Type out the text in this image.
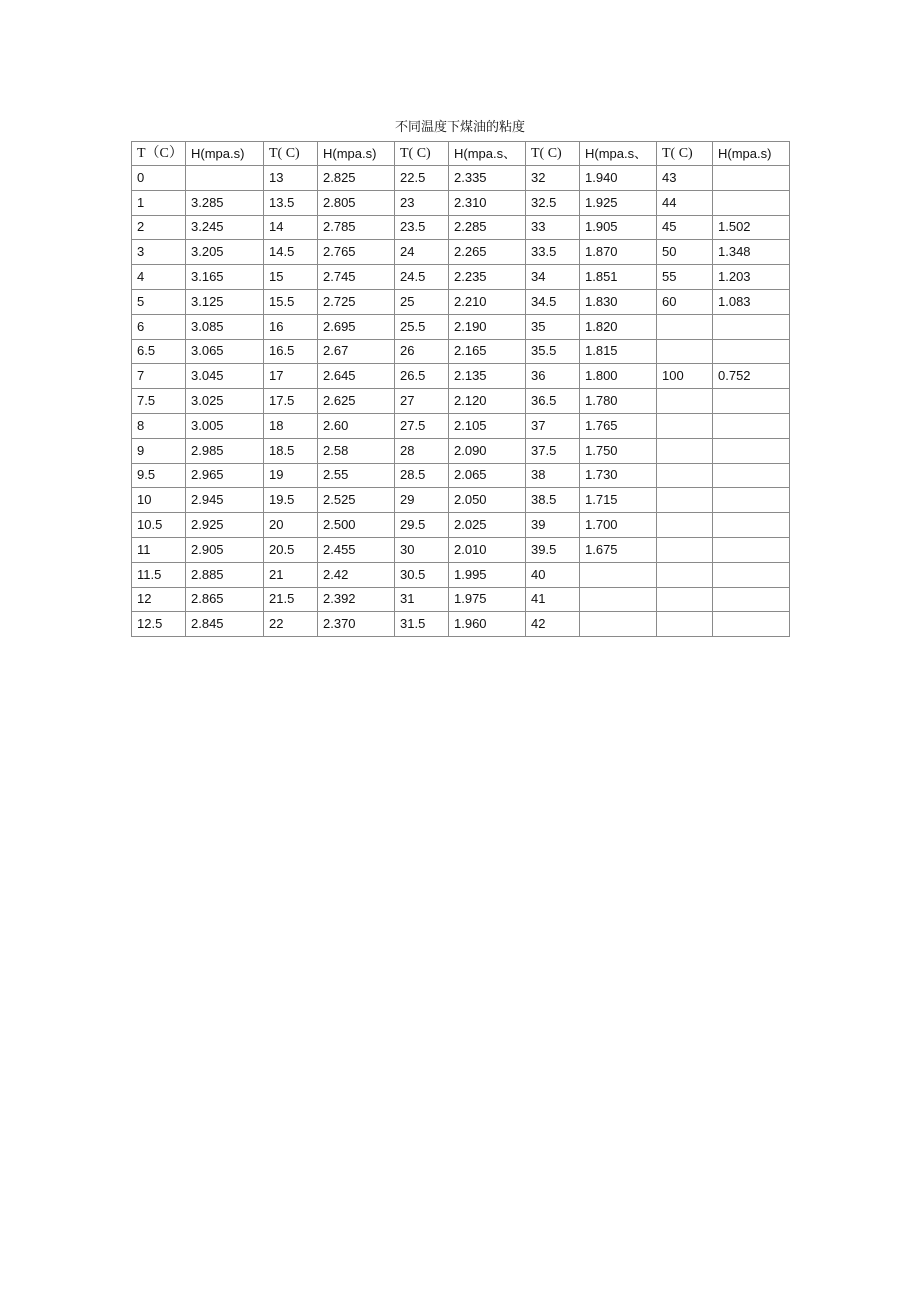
不同温度下煤油的粘度
T（C）	H(mpa.s)	T( C)	H(mpa.s)	T( C)	H(mpa.s、	T( C)	H(mpa.s、	T( C)	H(mpa.s)
0		13	2.825	22.5	2.335	32	1.940	43	
1	3.285	13.5	2.805	23	2.310	32.5	1.925	44	
2	3.245	14	2.785	23.5	2.285	33	1.905	45	1.502
3	3.205	14.5	2.765	24	2.265	33.5	1.870	50	1.348
4	3.165	15	2.745	24.5	2.235	34	1.851	55	1.203
5	3.125	15.5	2.725	25	2.210	34.5	1.830	60	1.083
6	3.085	16	2.695	25.5	2.190	35	1.820		
6.5	3.065	16.5	2.67	26	2.165	35.5	1.815		
7	3.045	17	2.645	26.5	2.135	36	1.800	100	0.752
7.5	3.025	17.5	2.625	27	2.120	36.5	1.780		
8	3.005	18	2.60	27.5	2.105	37	1.765		
9	2.985	18.5	2.58	28	2.090	37.5	1.750		
9.5	2.965	19	2.55	28.5	2.065	38	1.730		
10	2.945	19.5	2.525	29	2.050	38.5	1.715		
10.5	2.925	20	2.500	29.5	2.025	39	1.700		
11	2.905	20.5	2.455	30	2.010	39.5	1.675		
11.5	2.885	21	2.42	30.5	1.995	40			
12	2.865	21.5	2.392	31	1.975	41			
12.5	2.845	22	2.370	31.5	1.960	42			
